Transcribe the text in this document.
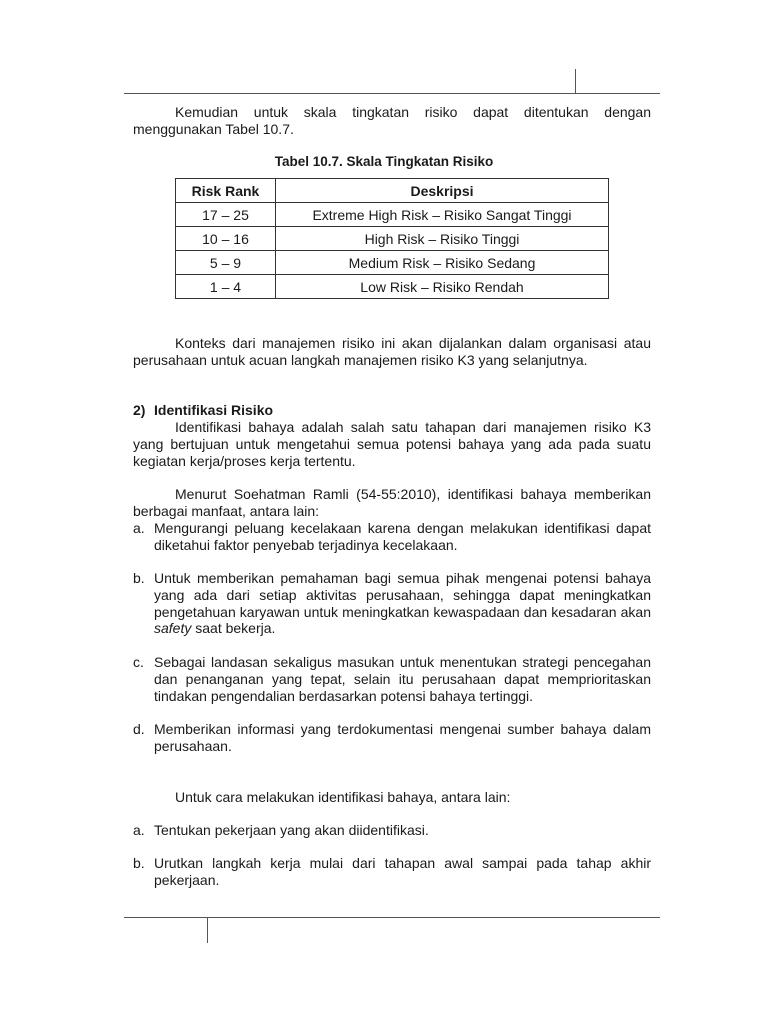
Kemudian untuk skala tingkatan risiko dapat ditentukan dengan menggunakan Tabel 10.7.

Tabel 10.7. Skala Tingkatan Risiko
Risk Rank	Deskripsi
17 – 25	Extreme High Risk – Risiko Sangat Tinggi
10 – 16	High Risk – Risiko Tinggi
5 – 9	Medium Risk – Risiko Sedang
1 – 4	Low Risk – Risiko Rendah

Konteks dari manajemen risiko ini akan dijalankan dalam organisasi atau perusahaan untuk acuan langkah manajemen risiko K3 yang selanjutnya.

2) Identifikasi Risiko

Identifikasi bahaya adalah salah satu tahapan dari manajemen risiko K3 yang bertujuan untuk mengetahui semua potensi bahaya yang ada pada suatu kegiatan kerja/proses kerja tertentu.

Menurut Soehatman Ramli (54-55:2010), identifikasi bahaya memberikan berbagai manfaat, antara lain:

a. Mengurangi peluang kecelakaan karena dengan melakukan identifikasi dapat diketahui faktor penyebab terjadinya kecelakaan.
b. Untuk memberikan pemahaman bagi semua pihak mengenai potensi bahaya yang ada dari setiap aktivitas perusahaan, sehingga dapat meningkatkan pengetahuan karyawan untuk meningkatkan kewaspadaan dan kesadaran akan safety saat bekerja.
c. Sebagai landasan sekaligus masukan untuk menentukan strategi pencegahan dan penanganan yang tepat, selain itu perusahaan dapat memprioritaskan tindakan pengendalian berdasarkan potensi bahaya tertinggi.
d. Memberikan informasi yang terdokumentasi mengenai sumber bahaya dalam perusahaan.

Untuk cara melakukan identifikasi bahaya, antara lain:

a. Tentukan pekerjaan yang akan diidentifikasi.
b. Urutkan langkah kerja mulai dari tahapan awal sampai pada tahap akhir pekerjaan.
